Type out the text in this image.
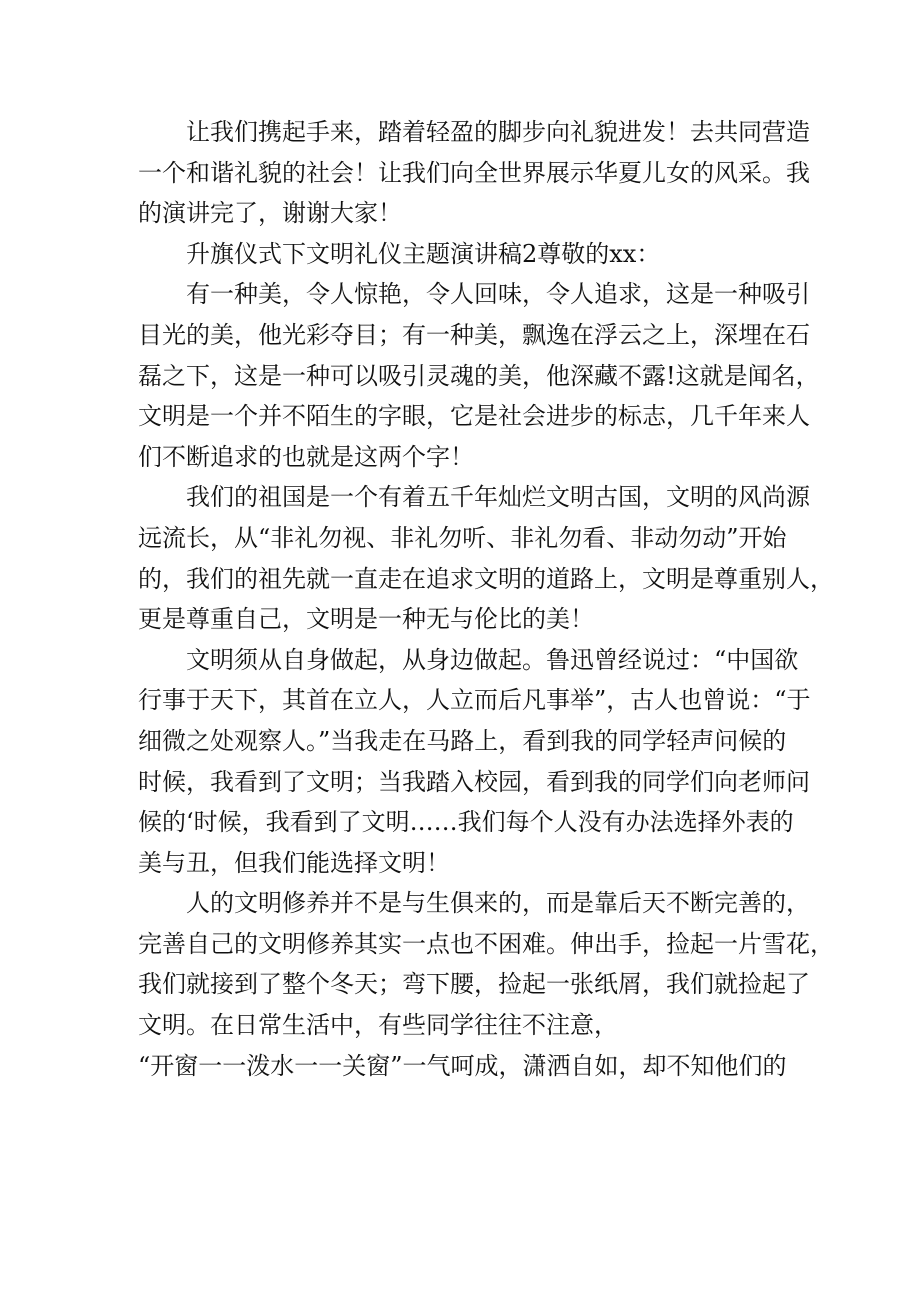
让我们携起手来，踏着轻盈的脚步向礼貌进发！去共同营造
一个和谐礼貌的社会！让我们向全世界展示华夏儿女的风采。我
的演讲完了，谢谢大家！
升旗仪式下文明礼仪主题演讲稿2尊敬的xx：
有一种美，令人惊艳，令人回味，令人追求，这是一种吸引
目光的美，他光彩夺目；有一种美，飘逸在浮云之上，深埋在石
磊之下，这是一种可以吸引灵魂的美，他深藏不露!这就是闻名，
文明是一个并不陌生的字眼，它是社会进步的标志，几千年来人
们不断追求的也就是这两个字！
我们的祖国是一个有着五千年灿烂文明古国，文明的风尚源
远流长，从“非礼勿视、非礼勿听、非礼勿看、非动勿动”开始
的，我们的祖先就一直走在追求文明的道路上，文明是尊重别人，
更是尊重自己，文明是一种无与伦比的美！
文明须从自身做起，从身边做起。鲁迅曾经说过：“中国欲
行事于天下，其首在立人，人立而后凡事举”，古人也曾说：“于
细微之处观察人。”当我走在马路上，看到我的同学轻声问候的
时候，我看到了文明；当我踏入校园，看到我的同学们向老师问
候的‘时候，我看到了文明……我们每个人没有办法选择外表的
美与丑，但我们能选择文明！
人的文明修养并不是与生俱来的，而是靠后天不断完善的，
完善自己的文明修养其实一点也不困难。伸出手，捡起一片雪花，
我们就接到了整个冬天；弯下腰，捡起一张纸屑，我们就捡起了
文明。在日常生活中，有些同学往往不注意，
“开窗一一泼水一一关窗”一气呵成，潇洒自如，却不知他们的
